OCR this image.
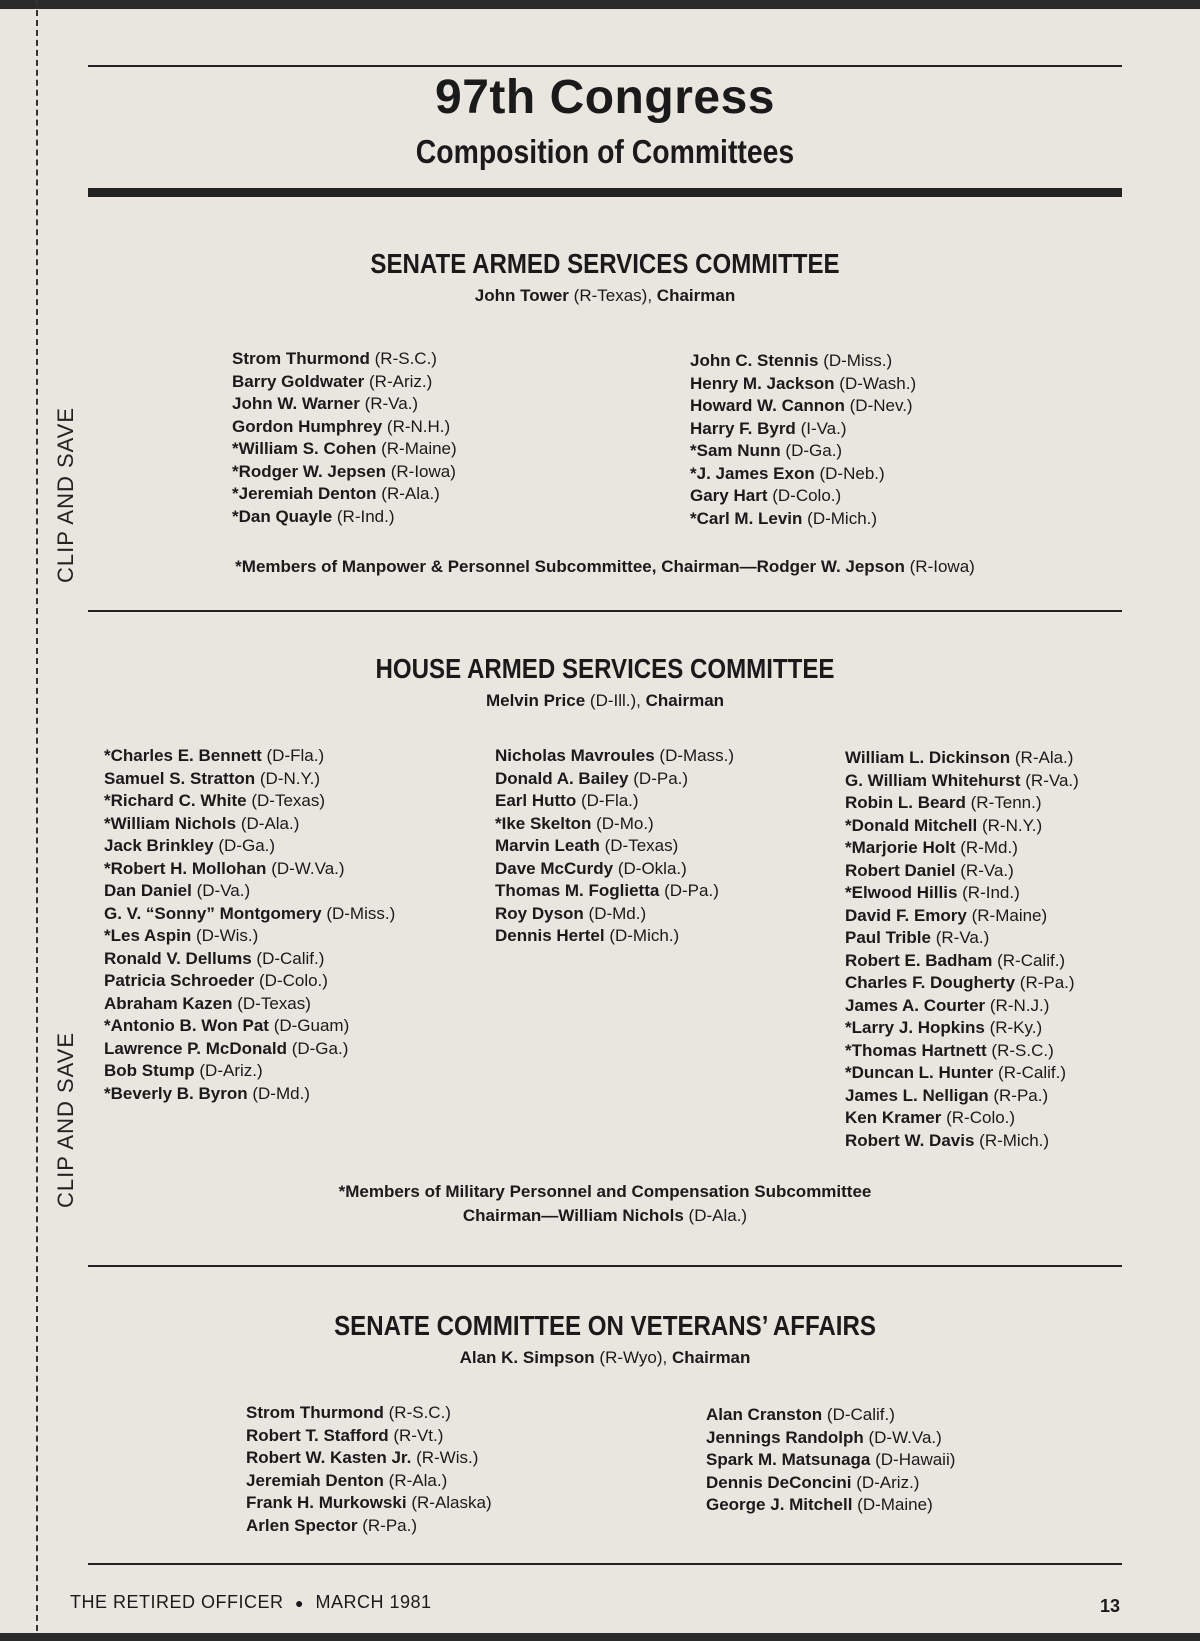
CLIP AND SAVE
CLIP AND SAVE
97th Congress
Composition of Committees
SENATE ARMED SERVICES COMMITTEE

John Tower (R-Texas), Chairman

Strom Thurmond (R-S.C.)
Barry Goldwater (R-Ariz.)
John W. Warner (R-Va.)
Gordon Humphrey (R-N.H.)
*William S. Cohen (R-Maine)
*Rodger W. Jepsen (R-Iowa)
*Jeremiah Denton (R-Ala.)
*Dan Quayle (R-Ind.)
John C. Stennis (D-Miss.)
Henry M. Jackson (D-Wash.)
Howard W. Cannon (D-Nev.)
Harry F. Byrd (I-Va.)
*Sam Nunn (D-Ga.)
*J. James Exon (D-Neb.)
Gary Hart (D-Colo.)
*Carl M. Levin (D-Mich.)
*Members of Manpower & Personnel Subcommittee, Chairman—Rodger W. Jepson (R-Iowa)
HOUSE ARMED SERVICES COMMITTEE

Melvin Price (D-Ill.), Chairman

*Charles E. Bennett (D-Fla.)
Samuel S. Stratton (D-N.Y.)
*Richard C. White (D-Texas)
*William Nichols (D-Ala.)
Jack Brinkley (D-Ga.)
*Robert H. Mollohan (D-W.Va.)
Dan Daniel (D-Va.)
G. V. “Sonny” Montgomery (D-Miss.)
*Les Aspin (D-Wis.)
Ronald V. Dellums (D-Calif.)
Patricia Schroeder (D-Colo.)
Abraham Kazen (D-Texas)
*Antonio B. Won Pat (D-Guam)
Lawrence P. McDonald (D-Ga.)
Bob Stump (D-Ariz.)
*Beverly B. Byron (D-Md.)
Nicholas Mavroules (D-Mass.)
Donald A. Bailey (D-Pa.)
Earl Hutto (D-Fla.)
*Ike Skelton (D-Mo.)
Marvin Leath (D-Texas)
Dave McCurdy (D-Okla.)
Thomas M. Foglietta (D-Pa.)
Roy Dyson (D-Md.)
Dennis Hertel (D-Mich.)
William L. Dickinson (R-Ala.)
G. William Whitehurst (R-Va.)
Robin L. Beard (R-Tenn.)
*Donald Mitchell (R-N.Y.)
*Marjorie Holt (R-Md.)
Robert Daniel (R-Va.)
*Elwood Hillis (R-Ind.)
David F. Emory (R-Maine)
Paul Trible (R-Va.)
Robert E. Badham (R-Calif.)
Charles F. Dougherty (R-Pa.)
James A. Courter (R-N.J.)
*Larry J. Hopkins (R-Ky.)
*Thomas Hartnett (R-S.C.)
*Duncan L. Hunter (R-Calif.)
James L. Nelligan (R-Pa.)
Ken Kramer (R-Colo.)
Robert W. Davis (R-Mich.)
*Members of Military Personnel and Compensation Subcommittee
Chairman—William Nichols (D-Ala.)
SENATE COMMITTEE ON VETERANS’ AFFAIRS

Alan K. Simpson (R-Wyo), Chairman

Strom Thurmond (R-S.C.)
Robert T. Stafford (R-Vt.)
Robert W. Kasten Jr. (R-Wis.)
Jeremiah Denton (R-Ala.)
Frank H. Murkowski (R-Alaska)
Arlen Spector (R-Pa.)
Alan Cranston (D-Calif.)
Jennings Randolph (D-W.Va.)
Spark M. Matsunaga (D-Hawaii)
Dennis DeConcini (D-Ariz.)
George J. Mitchell (D-Maine)
THE RETIRED OFFICER ● MARCH 1981	13
